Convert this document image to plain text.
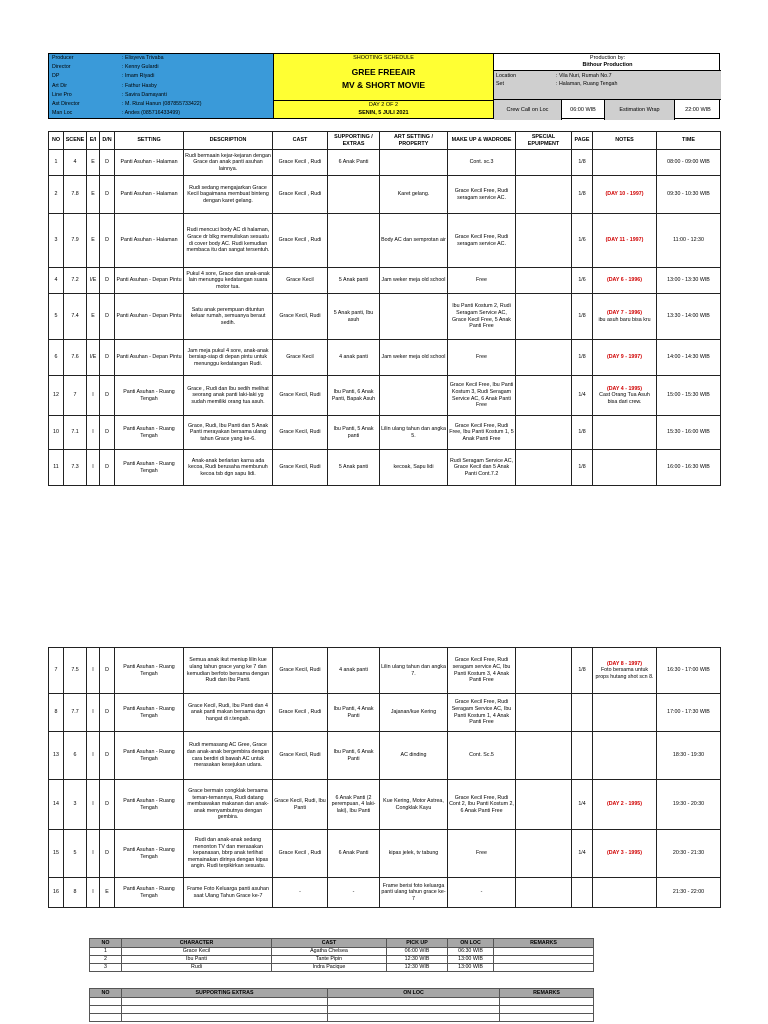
Producer	: Elisyeva Trivaba
Director	: Kenny Gulardi
DP	: Imam Riyadi
Art Dir	: Fathur Hasby
Line Pro	: Savira Damayanti
Ast Director	: M. Rizal Hanun (087855733422)
Man Loc	: Andes (085716433499)
SHOOTING SCHEDULE
GREE FREEAIR
MV & SHORT MOVIE
DAY 2 OF 2
SENIN, 5 JULI 2021
Production by:
Bithour Production
Location	: Vila Nuri, Rumah No.7
Set	: Halaman, Ruang Tengah
Crew Call on Loc	06:00 WIB	Estimation Wrap	22:00 WIB
NO	SCENE	E/I	D/N	SETTING	DESCRIPTION	CAST	SUPPORTING / EXTRAS	ART SETTING / PROPERTY	MAKE UP & WADROBE	SPECIAL EPUIPMENT	PAGE	NOTES	TIME
1	4	E	D	Panti Asuhan - Halaman	Rudi bermaain kejar-kejaran dengan Grace dan anak panti asuhan lainnya.	Grace Kecil , Rudi	6 Anak Panti		Cont. sc.3		1/8		08:00 - 09:00 WIB
2	7.8	E	D	Panti Asuhan - Halaman	Rudi sedang mengajarkan Grace Kecil bagaimana membuat binteng dengan karet gelang.	Grace Kecil , Rudi		Karet gelang.	Grace Kecil Free, Rudi seragam service AC.		1/8	(DAY 10 - 1997)	09:30 - 10:30 WIB
3	7.9	E	D	Panti Asuhan - Halaman	Rudi mencuci body AC di halaman, Grace dr blkg memuliskan sesuatu di cover body AC. Rudi kemudian membaca itu dan sangat tersentuh.	Grace Kecil , Rudi		Body AC dan semprotan air	Grace Kecil Free, Rudi seragam service AC.		1/6	(DAY 11 - 1997)	11:00 - 12:30
4	7.2	I/E	D	Panti Asuhan - Depan Pintu	Pukul 4 sore, Grace dan anak-anak lain menunggu kedatangan suara motor tua.	Grace Kecil	5 Anak panti	Jam weker meja old school	Free		1/6	(DAY 6 - 1996)	13:00 - 13:30 WIB
5	7.4	E	D	Panti Asuhan - Depan Pintu	Satu anak perempuan dituntun keluar rumah, semuanya beraut sedih.	Grace Kecil, Rudi	5 Anak panti, Ibu asuh		Ibu Panti Kostum 2, Rudi Seragam Service AC, Grace Kecil Free, 5 Anak Panti Free		1/8	(DAY 7 - 1996)
ibu asuh baru bisa kru	13:30 - 14:00 WIB
6	7.6	I/E	D	Panti Asuhan - Depan Pintu	Jam meja pukul 4 sore, anak-anak bersiap-siap di depan pintu untuk menunggu kedatangan Rudi.	Grace Kecil	4 anak panti	Jam weker meja old school	Free		1/8	(DAY 9 - 1997)	14:00 - 14:30 WIB
12	7	I	D	Panti Asuhan - Ruang Tengah	Grace , Rudi dan Ibu sedih melihat seorang anak panti laki-laki yg sudah memiliki orang tua asuh.	Grace Kecil, Rudi	Ibu Panti, 6 Anak Panti, Bapak Asuh		Grace Kecil Free, Ibu Panti Kostum 3, Rudi Seragam Service AC, 6 Anak Panti Free		1/4	(DAY 4 - 1995)
Cast Orang Tua Asuh bisa dari crew.	15:00 - 15:30 WIB
10	7.1	I	D	Panti Asuhan - Ruang Tengah	Grace, Rudi, Ibu Panti dan 5 Anak Panti merayakan bersama ulang tahun Grace yang ke-6.	Grace Kecil, Rudi	Ibu Panti, 5 Anak panti	Lilin ulang tahun dan angka 5.	Grace Kecil Free, Rudi Free, Ibu Panti Kostum 1, 5 Anak Panti Free		1/8		15:30 - 16:00 WIB
11	7.3	I	D	Panti Asuhan - Ruang Tengah	Anak-anak berlarian karna ada kecoa, Rudi berusaha membunuh kecoa tsb dgn sapu lidi.	Grace Kecil, Rudi	5 Anak panti	kecoak, Sapu lidi	Rudi Seragam Service AC, Grace Kecil dan 5 Anak Panti Cont.7.2		1/8		16:00 - 16:30 WIB
7	7.5	I	D	Panti Asuhan - Ruang Tengah	Semua anak ikut meniup lilin kue ulang tahun grace yang ke 7 dan kemudian berfoto bersama dengan Rudi dan Ibu Panti.	Grace Kecil, Rudi	4 anak panti	Lilin ulang tahun dan angka 7.	Grace Kecil Free, Rudi seragam service AC, Ibu Panti Kostum 3, 4 Anak Panti Free		1/8	(DAY 8 - 1997)
Foto bersama untuk props hutang shot scn 8.	16:30 - 17:00 WIB
8	7.7	I	D	Panti Asuhan - Ruang Tengah	Grace Kecil, Rudi, Ibu Panti dan 4 anak panti makan bersama dgn hangat di r.tengah.	Grace Kecil , Rudi	Ibu Panti, 4 Anak Panti	Jajanan/kue Kering	Grace Kecil Free, Rudi Seragam Service AC, Ibu Panti Kostum 1, 4 Anak Panti Free				17:00 - 17:30 WIB
13	6	I	D	Panti Asuhan - Ruang Tengah	Rudi memasang AC Gree, Grace dan anak-anak bergembira dengan cara berdiri di bawah AC untuk merasakan kesejukan udara.	Grace Kecil, Rudi	Ibu Panti, 6 Anak Panti	AC dinding	Cont. Sc.5				18:30 - 19:30
14	3	I	D	Panti Asuhan - Ruang Tengah	Grace bermain congklak bersama teman-temannya, Rudi datang membawakan makanan dan anak-anak menyambutnya dengan gembira.	Grace Kecil, Rudi, Ibu Panti	6 Anak Panti (2 perempuan, 4 laki-laki), Ibu Panti	Kue Kering, Motor Astrea, Congklak Kayu	Grace Kecil Free, Rudi Cont 2, Ibu Panti Kostum 2, 6 Anak Panti Free		1/4	(DAY 2 - 1995)	19:30 - 20:30
15	5	I	D	Panti Asuhan - Ruang Tengah	Rudi dan anak-anak sedang menonton TV dan merasakan kepanasan, bbrp anak terlihat memainakan dirinya dengan kipas angin. Rudi terpikirkan sesuatu.	Grace Kecil , Rudi	6 Anak Panti	kipas jelek, tv tabung	Free		1/4	(DAY 3 - 1995)	20:30 - 21:30
16	8	I	E	Panti Asuhan - Ruang Tengah	Frame Foto Keluarga panti asuhan saat Ulang Tahun Grace ke-7	-	-	Frame berisi foto keluarga panti ulang tahun grace ke-7	-				21:30 - 22:00
NO	CHARACTER	CAST	PICK UP	ON LOC	REMARKS
1	Grace Kecil	Agatha Chelsea	06:00 WIB	06:30 WIB	
2	Ibu Panti	Tante Pipin	12:30 WIB	13:00 WIB	
3	Rudi	Indra Pacique	12:30 WIB	13:00 WIB	
NO	SUPPORTING EXTRAS	ON LOC	REMARKS
